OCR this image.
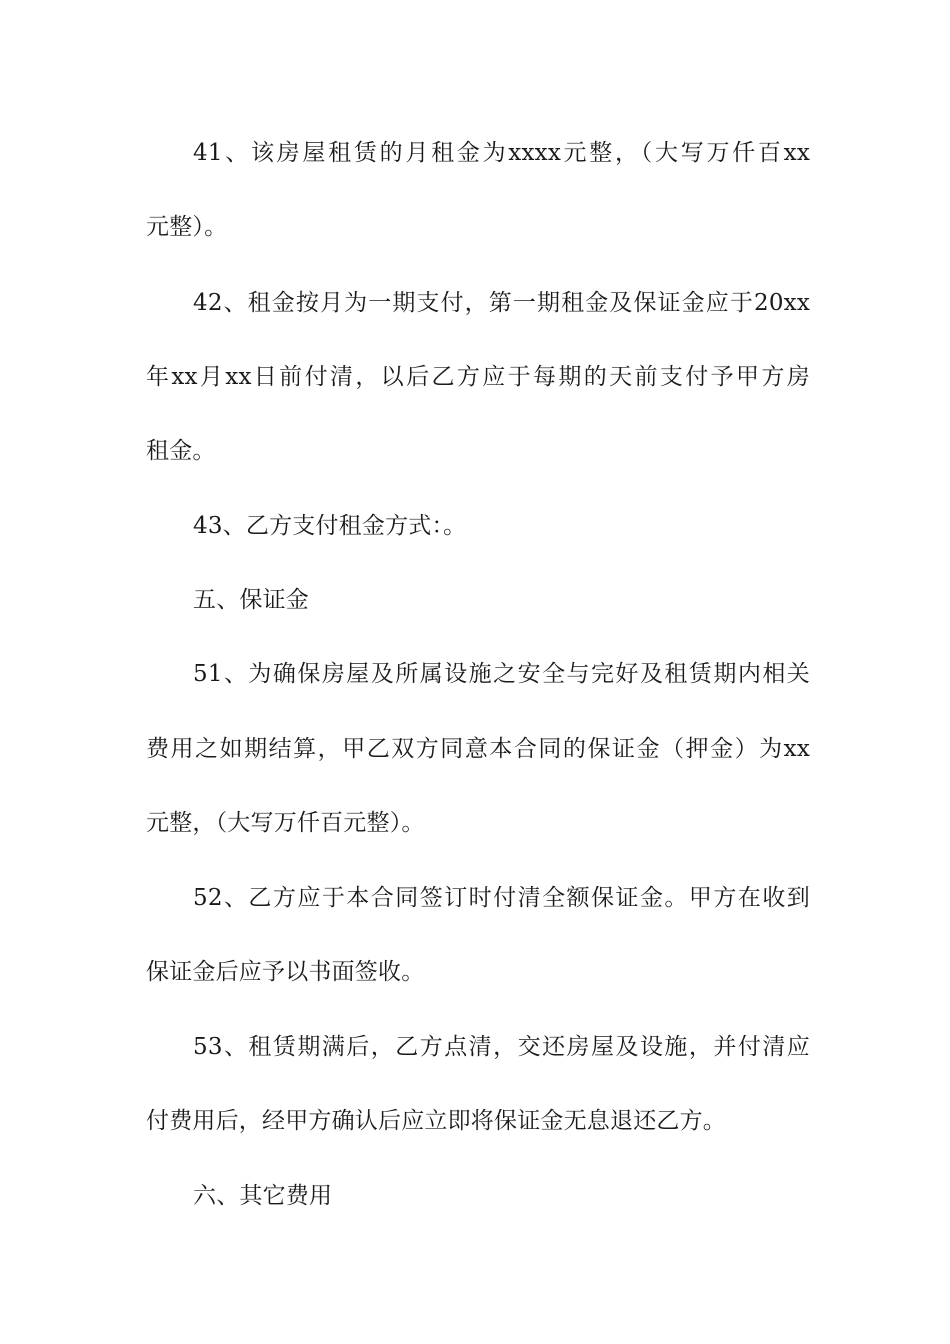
41、该房屋租赁的月租金为xxxx元整，（大写万仟百xx
元整）。
42、租金按月为一期支付，第一期租金及保证金应于20xx
年xx月xx日前付清，以后乙方应于每期的天前支付予甲方房
租金。
43、乙方支付租金方式：。
五、保证金
51、为确保房屋及所属设施之安全与完好及租赁期内相关
费用之如期结算，甲乙双方同意本合同的保证金（押金）为xx
元整，（大写万仟百元整）。
52、乙方应于本合同签订时付清全额保证金。甲方在收到
保证金后应予以书面签收。
53、租赁期满后，乙方点清，交还房屋及设施，并付清应
付费用后，经甲方确认后应立即将保证金无息退还乙方。
六、其它费用
